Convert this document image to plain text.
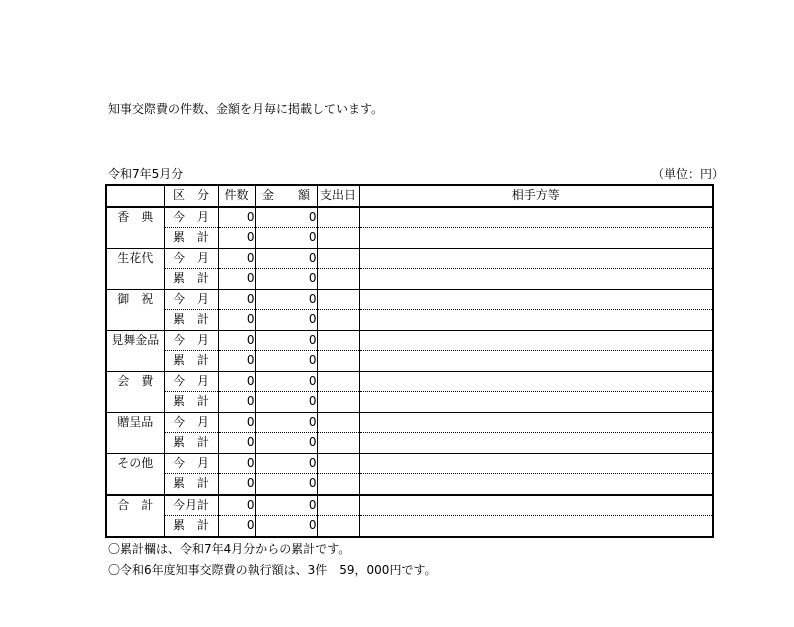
知事交際費の件数、金額を月毎に掲載しています。
令和7年5月分	（単位：円）
	区　分	件数	金　　額	支出日	相手方等
香　典	今　月	0	0		
	累　計	0	0		
生花代	今　月	0	0		
	累　計	0	0		
御　祝	今　月	0	0		
	累　計	0	0		
見舞金品	今　月	0	0		
	累　計	0	0		
会　費	今　月	0	0		
	累　計	0	0		
贈呈品	今　月	0	0		
	累　計	0	0		
その他	今　月	0	0		
	累　計	0	0		
合　計	今月計	0	0		
	累　計	0	0		
〇累計欄は、令和7年4月分からの累計です。
〇令和6年度知事交際費の執行額は、3件　59，000円です。
